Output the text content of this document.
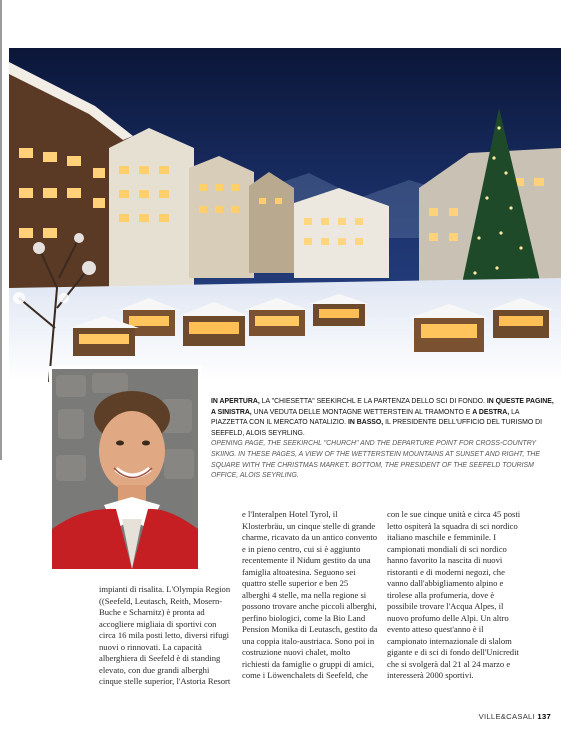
IN APERTURA, LA "CHIESETTA" SEEKIRCHL E LA PARTENZA DELLO SCI DI FONDO. IN QUESTE PAGINE, A SINISTRA, UNA VEDUTA DELLE MONTAGNE WETTERSTEIN AL TRAMONTO E A DESTRA, LA PIAZZETTA CON IL MERCATO NATALIZIO. IN BASSO, IL PRESIDENTE DELL'UFFICIO DEL TURISMO DI SEEFELD, ALOIS SEYRLING.

OPENING PAGE, THE SEEKIRCHL "CHURCH" AND THE DEPARTURE POINT FOR CROSS-COUNTRY SKIING. IN THESE PAGES, A VIEW OF THE WETTERSTEIN MOUNTAINS AT SUNSET AND RIGHT, THE SQUARE WITH THE CHRISTMAS MARKET. BOTTOM, THE PRESIDENT OF THE SEEFELD TOURISM OFFICE, ALOIS SEYRLING.

impianti di risalita. L'Olympia Region ((Seefeld, Leutasch, Reith, Mosern-Buche e Scharnitz) è pronta ad accogliere migliaia di sportivi con circa 16 mila posti letto, diversi rifugi nuovi o rinnovati. La capacità alberghiera di Seefeld è di standing elevato, con due grandi alberghi cinque stelle superior, l'Astoria Resort

e l'Interalpen Hotel Tyrol, il Klosterbräu, un cinque stelle di grande charme, ricavato da un antico convento e in pieno centro, cui si è aggiunto recentemente il Nidum gestito da una famiglia altoatesina. Seguono sei quattro stelle superior e ben 25 alberghi 4 stelle, ma nella regione si possono trovare anche piccoli alberghi, perfino biologici, come la Bio Land Pension Monika di Leutasch, gestito da una coppia italo-austriaca. Sono poi in costruzione nuovi chalet, molto richiesti da famiglie o gruppi di amici, come i Löwenchalets di Seefeld, che

con le sue cinque unità e circa 45 posti letto ospiterà la squadra di sci nordico italiano maschile e femminile. I campionati mondiali di sci nordico hanno favorito la nascita di nuovi ristoranti e di moderni negozi, che vanno dall'abbigliamento alpino e tirolese alla profumeria, dove è possibile trovare l'Acqua Alpes, il nuovo profumo delle Alpi. Un altro evento atteso quest'anno è il campionato internazionale di slalom gigante e di sci di fondo dell'Unicredit che si svolgerà dal 21 al 24 marzo e interesserà 2000 sportivi.

VILLE&CASALI 137
